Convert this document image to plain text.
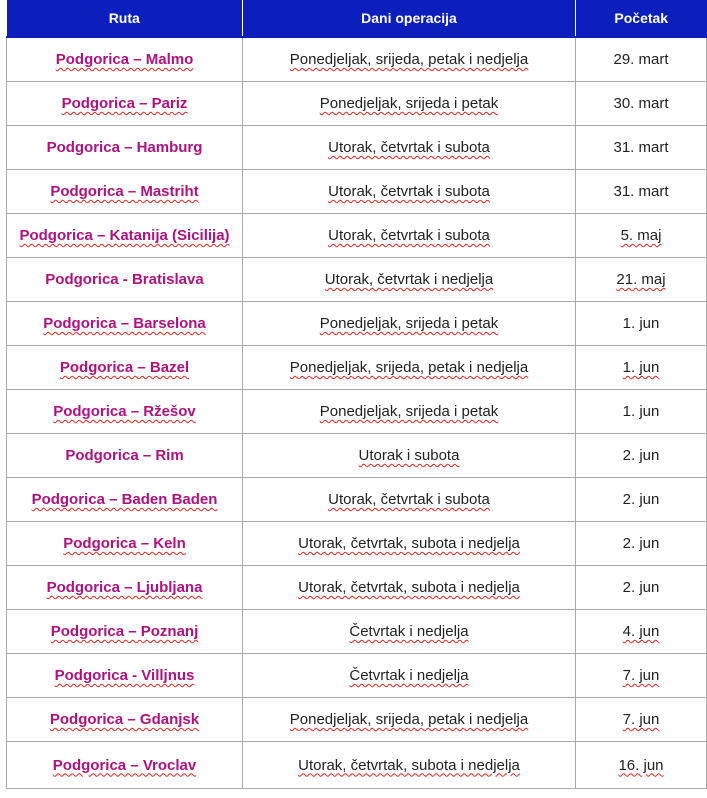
Ruta	Dani operacija	Početak
Podgorica – Malmo	Ponedjeljak, srijeda, petak i nedjelja	29. mart
Podgorica – Pariz	Ponedjeljak, srijeda i petak	30. mart
Podgorica – Hamburg	Utorak, četvrtak i subota	31. mart
Podgorica – Mastriht	Utorak, četvrtak i subota	31. mart
Podgorica – Katanija (Sicilija)	Utorak, četvrtak i subota	5. maj
Podgorica - Bratislava	Utorak, četvrtak i nedjelja	21. maj
Podgorica – Barselona	Ponedjeljak, srijeda i petak	1. jun
Podgorica – Bazel	Ponedjeljak, srijeda, petak i nedjelja	1. jun
Podgorica – Ržešov	Ponedjeljak, srijeda i petak	1. jun
Podgorica – Rim	Utorak i subota	2. jun
Podgorica – Baden Baden	Utorak, četvrtak i subota	2. jun
Podgorica – Keln	Utorak, četvrtak, subota i nedjelja	2. jun
Podgorica – Ljubljana	Utorak, četvrtak, subota i nedjelja	2. jun
Podgorica – Poznanj	Četvrtak i nedjelja	4. jun
Podgorica - Villjnus	Četvrtak i nedjelja	7. jun
Podgorica – Gdanjsk	Ponedjeljak, srijeda, petak i nedjelja	7. jun
Podgorica – Vroclav	Utorak, četvrtak, subota i nedjelja	16. jun
